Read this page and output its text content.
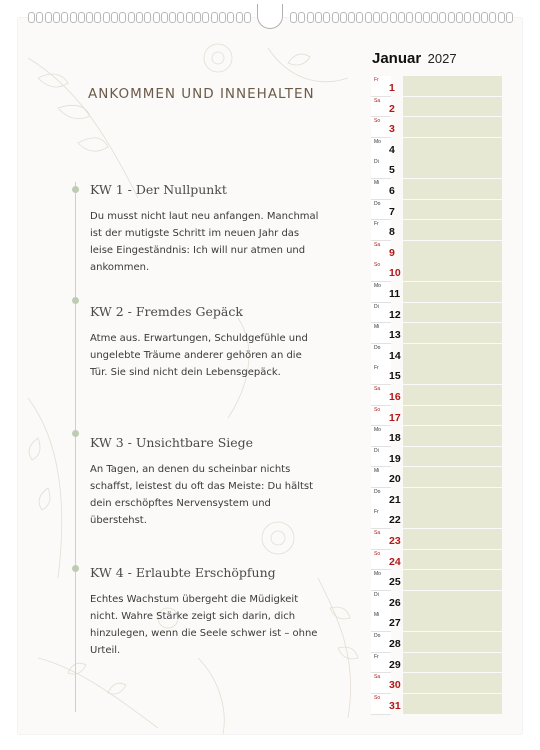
ANKOMMEN UND INNEHALTEN
KW 1 - Der Nullpunkt
Du musst nicht laut neu anfangen. Manchmal ist der mutigste Schritt im neuen Jahr das leise Eingeständnis: Ich will nur atmen und ankommen.
KW 2 - Fremdes Gepäck
Atme aus. Erwartungen, Schuldgefühle und ungelebte Träume anderer gehören an die Tür. Sie sind nicht dein Lebensgepäck.
KW 3 - Unsichtbare Siege
An Tagen, an denen du scheinbar nichts schaffst, leistest du oft das Meiste: Du hältst dein erschöpftes Nervensystem und überstehst.
KW 4 - Erlaubte Erschöpfung
Echtes Wachstum übergeht die Müdigkeit nicht. Wahre Stärke zeigt sich darin, dich hinzulegen, wenn die Seele schwer ist – ohne Urteil.
Januar 2027
Fr
1
Sa
2
So
3
Mo
4
Di
5
Mi
6
Do
7
Fr
8
Sa
9
So
10
Mo
11
Di
12
Mi
13
Do
14
Fr
15
Sa
16
So
17
Mo
18
Di
19
Mi
20
Do
21
Fr
22
Sa
23
So
24
Mo
25
Di
26
Mi
27
Do
28
Fr
29
Sa
30
So
31
